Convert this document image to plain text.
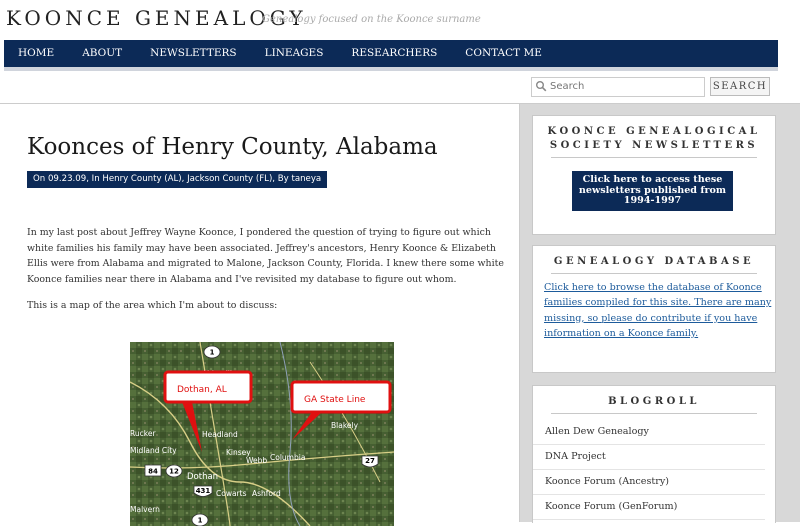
KOONCE GENEALOGY
Genealogy focused on the Koonce surname
HOME	ABOUT	NEWSLETTERS	LINEAGES	RESEARCHERS	CONTACT ME
Search
SEARCH
Koonces of Henry County, Alabama
On 09.23.09, In Henry County (AL), Jackson County (FL), By taneya

In my last post about Jeffrey Wayne Koonce, I pondered the question of trying to figure out which white families his family may have been associated. Jeffrey's ancestors, Henry Koonce & Elizabeth Ellis were from Alabama and migrated to Malone, Jackson County, Florida. I knew there some white Koonce families near there in Alabama and I've revisited my database to figure out whom.

This is a map of the area which I'm about to discuss:

Headland
Kinsey
Webb
Dothan
Cowarts Ashford
Columbia
Blakely
Rucker
Midland City
Malvern
1
84 12
431
27
1
Dothan, AL
GA State Line
KOONCE GENEALOGICAL SOCIETY NEWSLETTERS
Click here to access these newsletters published from 1994-1997
GENEALOGY DATABASE
Click here to browse the database of Koonce families compiled for this site. There are many missing, so please do contribute if you have information on a Koonce family.
BLOGROLL
Allen Dew Genealogy
DNA Project
Koonce Forum (Ancestry)
Koonce Forum (GenForum)
